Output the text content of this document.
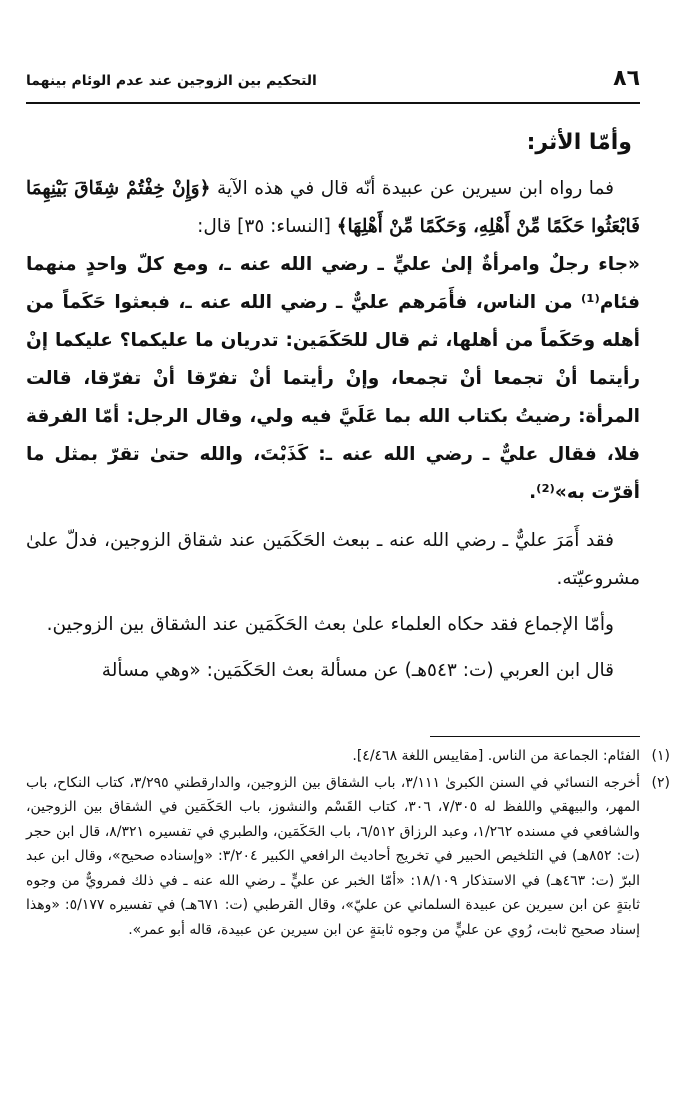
٨٦
التحكيم بين الزوجين عند عدم الوئام بينهما
وأمّا الأثر:

فما رواه ابن سيرين عن عبيدة أنّه قال في هذه الآية ﴿وَإِنْ خِفْتُمْ شِقَاقَ بَيْنِهِمَا فَابْعَثُوا حَكَمًا مِّنْ أَهْلِهِ، وَحَكَمًا مِّنْ أَهْلِهَا﴾ [النساء: ٣٥] قال:

«جاء رجلٌ وامرأةٌ إلىٰ عليٍّ ـ رضي الله عنه ـ، ومع كلّ واحدٍ منهما فئام⁽¹⁾ من الناس، فأَمَرهم عليٌّ ـ رضي الله عنه ـ، فبعثوا حَكَماً من أهله وحَكَماً من أهلها، ثم قال للحَكَمَين: تدريان ما عليكما؟ عليكما إنْ رأيتما أنْ تجمعا أنْ تجمعا، وإنْ رأيتما أنْ تفرّقا أنْ تفرّقا، قالت المرأة: رضيتُ بكتاب الله بما عَلَيَّ فيه ولي، وقال الرجل: أمّا الفرقة فلا، فقال عليٌّ ـ رضي الله عنه ـ: كَذَبْتَ، والله حتىٰ تقرّ بمثل ما أقرّت به»⁽²⁾.

فقد أَمَرَ عليٌّ ـ رضي الله عنه ـ ببعث الحَكَمَين عند شقاق الزوجين، فدلّ علىٰ مشروعيّته.

وأمّا الإجماع فقد حكاه العلماء علىٰ بعث الحَكَمَين عند الشقاق بين الزوجين.

قال ابن العربي (ت: ٥٤٣هـ) عن مسألة بعث الحَكَمَين: «وهي مسألة

(١)
الفئام: الجماعة من الناس. [مقاييس اللغة ٤/٤٦٨].
(٢)
أخرجه النسائي في السنن الكبرىٰ ٣/١١١، باب الشقاق بين الزوجين، والدارقطني ٣/٢٩٥، كتاب النكاح، باب المهر، والبيهقي واللفظ له ٧/٣٠٥، ٣٠٦، كتاب القَسْم والنشوز، باب الحَكَمَين في الشقاق بين الزوجين، والشافعي في مسنده ١/٢٦٢، وعبد الرزاق ٦/٥١٢، باب الحَكَمَين، والطبري في تفسيره ٨/٣٢١، قال ابن حجر (ت: ٨٥٢هـ) في التلخيص الحبير في تخريج أحاديث الرافعي الكبير ٣/٢٠٤: «وإسناده صحيح»، وقال ابن عبد البرّ (ت: ٤٦٣هـ) في الاستذكار ١٨/١٠٩: «أمّا الخبر عن عليٍّ ـ رضي الله عنه ـ في ذلك فمرويٌّ من وجوه ثابتةٍ عن ابن سيرين عن عبيدة السلماني عن عليّ»، وقال القرطبي (ت: ٦٧١هـ) في تفسيره ٥/١٧٧: «وهذا إسناد صحيح ثابت، رُوي عن عليٍّ من وجوه ثابتةٍ عن ابن سيرين عن عبيدة، قاله أبو عمر».
